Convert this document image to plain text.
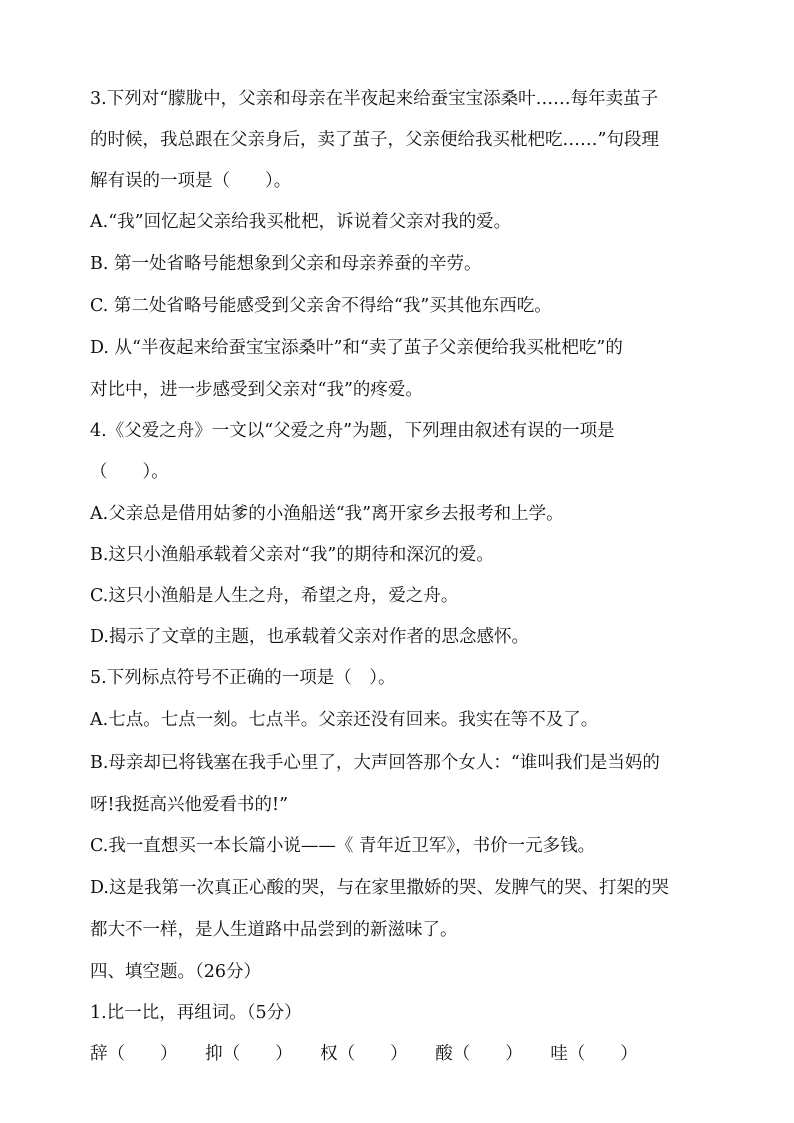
3.下列对“朦胧中，父亲和母亲在半夜起来给蚕宝宝添桑叶……每年卖茧子
的时候，我总跟在父亲身后，卖了茧子，父亲便给我买枇杷吃……”句段理
解有误的一项是（　　）。
A.“我”回忆起父亲给我买枇杷，诉说着父亲对我的爱。
B. 第一处省略号能想象到父亲和母亲养蚕的辛劳。
C. 第二处省略号能感受到父亲舍不得给“我”买其他东西吃。
D. 从“半夜起来给蚕宝宝添桑叶”和“卖了茧子父亲便给我买枇杷吃”的
对比中，进一步感受到父亲对“我”的疼爱。
4.《父爱之舟》一文以“父爱之舟”为题，下列理由叙述有误的一项是
（　　）。
A.父亲总是借用姑爹的小渔船送“我”离开家乡去报考和上学。
B.这只小渔船承载着父亲对“我”的期待和深沉的爱。
C.这只小渔船是人生之舟，希望之舟，爱之舟。
D.揭示了文章的主题，也承载着父亲对作者的思念感怀。
5.下列标点符号不正确的一项是（　）。
A.七点。七点一刻。七点半。父亲还没有回来。我实在等不及了。
B.母亲却已将钱塞在我手心里了，大声回答那个女人：“谁叫我们是当妈的
呀!我挺高兴他爱看书的!”
C.我一直想买一本长篇小说——《 青年近卫军》，书价一元多钱。
D.这是我第一次真正心酸的哭，与在家里撒娇的哭、发脾气的哭、打架的哭
都大不一样，是人生道路中品尝到的新滋味了。
四、填空题。（26分）
1.比一比，再组词。（5分）
辞（　　） 抑（　　） 权（　　） 酸（　　） 哇（　　）
